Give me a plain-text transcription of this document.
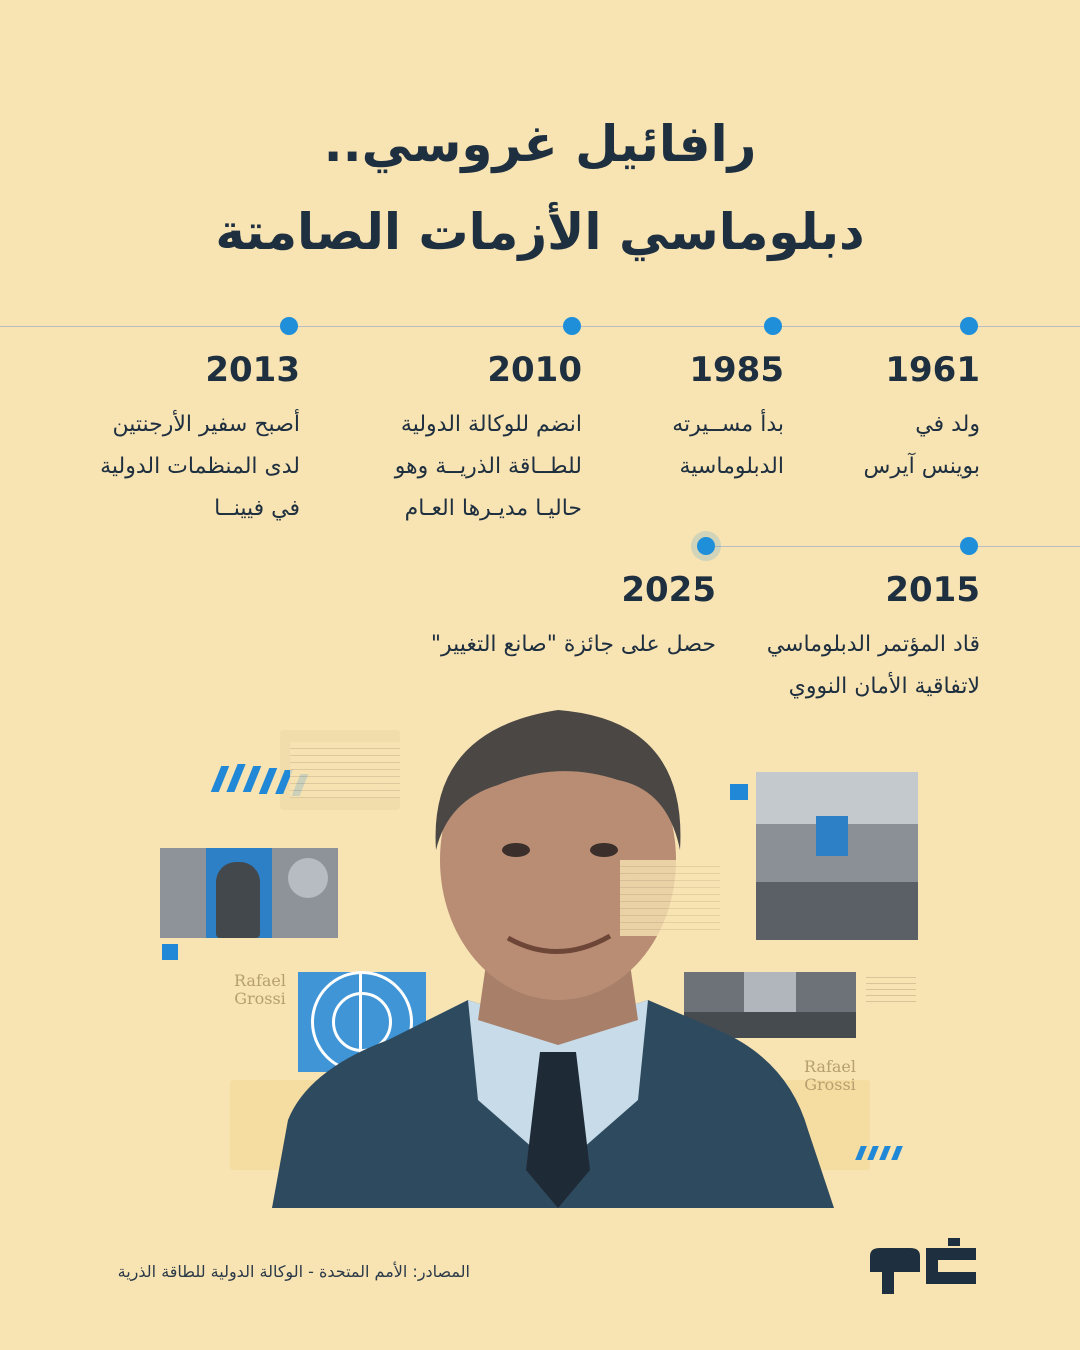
رافائيل غروسي..
دبلوماسي الأزمات الصامتة
1961
ولد في
بوينس آيرس
1985
بدأ مســيرته
الدبلوماسية
2010
انضم للوكالة الدولية
للطــاقة الذريــة وهو
حاليـا مديـرها العـام
2013
أصبح سفير الأرجنتين
لدى المنظمات الدولية
في فيينــا
2015
قاد المؤتمر الدبلوماسي
لاتفاقية الأمان النووي
2025
حصل على جائزة "صانع التغيير"
Rafael
Grossi
Rafael
Grossi
المصادر: الأمم المتحدة - الوكالة الدولية للطاقة الذرية
